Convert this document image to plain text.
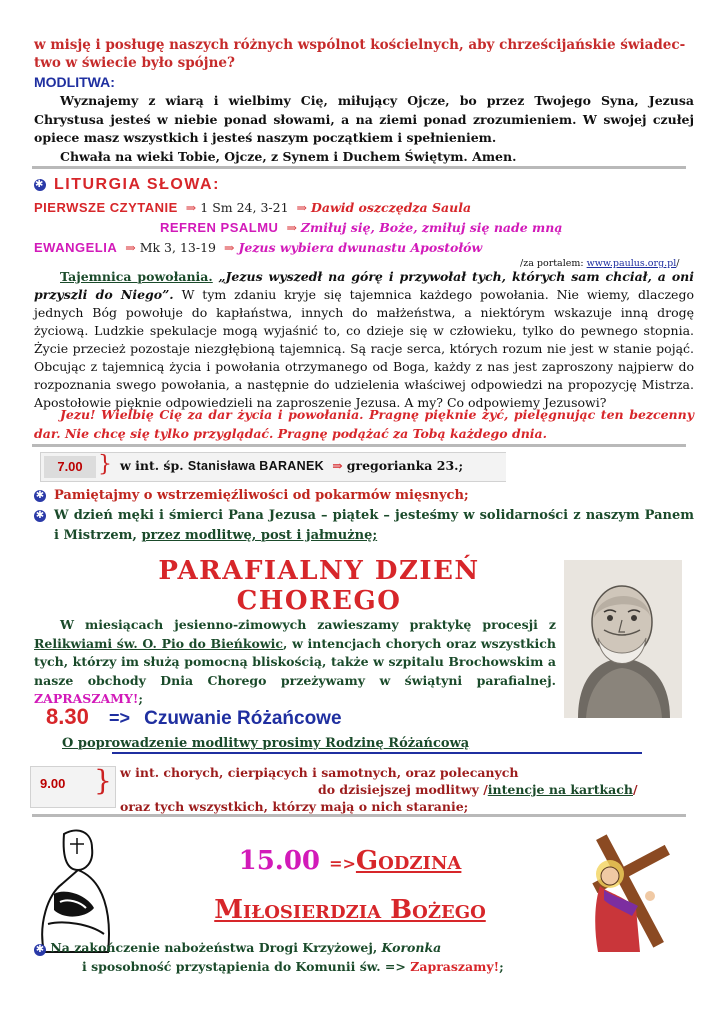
w misję i posługę naszych różnych wspólnot kościelnych, aby chrześcijańskie świadec-
two w świecie było spójne?
MODLITWA:

Wyznajemy z wiarą i wielbimy Cię, miłujący Ojcze, bo przez Twojego Syna, Jezusa Chrystusa jesteś w niebie ponad słowami, a na ziemi ponad zrozumieniem. W swojej czułej opiece masz wszystkich i jesteś naszym początkiem i spełnieniem.

Chwała na wieki Tobie, Ojcze, z Synem i Duchem Świętym. Amen.

✱ LITURGIA SŁOWA:
PIERWSZE CZYTANIE ⇒ 1 Sm 24, 3-21 ⇒ Dawid oszczędza Saula
REFREN PSALMU ⇒ Zmiłuj się, Boże, zmiłuj się nade mną
EWANGELIA ⇒ Mk 3, 13-19 ⇒ Jezus wybiera dwunastu Apostołów
/za portalem: www.paulus.org.pl/
Tajemnica powołania. „Jezus wyszedł na górę i przywołał tych, których sam chciał, a oni przyszli do Niego”. W tym zdaniu kryje się tajemnica każdego powołania. Nie wiemy, dlaczego jednych Bóg powołuje do kapłaństwa, innych do małżeństwa, a niektórym wskazuje inną drogę życiową. Ludzkie spekulacje mogą wyjaśnić to, co dzieje się w człowieku, tylko do pewnego stopnia. Życie przecież pozostaje niezgłębioną tajemnicą. Są racje serca, których rozum nie jest w stanie pojąć. Obcując z tajemnicą życia i powołania otrzymanego od Boga, każdy z nas jest zaproszony najpierw do rozpoznania swego powołania, a następnie do udzielenia właściwej odpowiedzi na propozycję Mistrza. Apostołowie pięknie odpowiedzieli na zaproszenie Jezusa. A my? Co odpowiemy Jezusowi?
Jezu! Wielbię Cię za dar życia i powołania. Pragnę pięknie żyć, pielęgnując ten bezcenny dar. Nie chcę się tylko przyglądać. Pragnę podążać za Tobą każdego dnia.
7.00 } w int. śp. Stanisława BARANEK ⇒ gregorianka 23.;
✱ Pamiętajmy o wstrzemięźliwości od pokarmów mięsnych;
✱ W dzień męki i śmierci Pana Jezusa – piątek – jesteśmy w solidarności z naszym Panem i Mistrzem, przez modlitwę, post i jałmużnę;
PARAFIALNY DZIEŃ
CHOREGO

W miesiącach jesienno-zimowych zawieszamy praktykę procesji z Relikwiami św. O. Pio do Bieńkowic, w intencjach chorych oraz wszystkich tych, którzy im służą pomocną bliskością, także w szpitalu Brochowskim a nasze obchody Dnia Chorego przeżywamy w świątyni parafialnej. ZAPRASZAMY!;

8.30 => Czuwanie Różańcowe
O poprowadzenie modlitwy prosimy Rodzinę Różańcową
9.00 } w int. chorych, cierpiących i samotnych, oraz polecanych
do dzisiejszej modlitwy /intencje na kartkach/
oraz tych wszystkich, którzy mają o nich staranie;
15.00 =>Godzina
Miłosierdzia Bożego
✱ Na zakończenie nabożeństwa Drogi Krzyżowej, Koronka
i sposobność przystąpienia do Komunii św. => Zapraszamy!;
